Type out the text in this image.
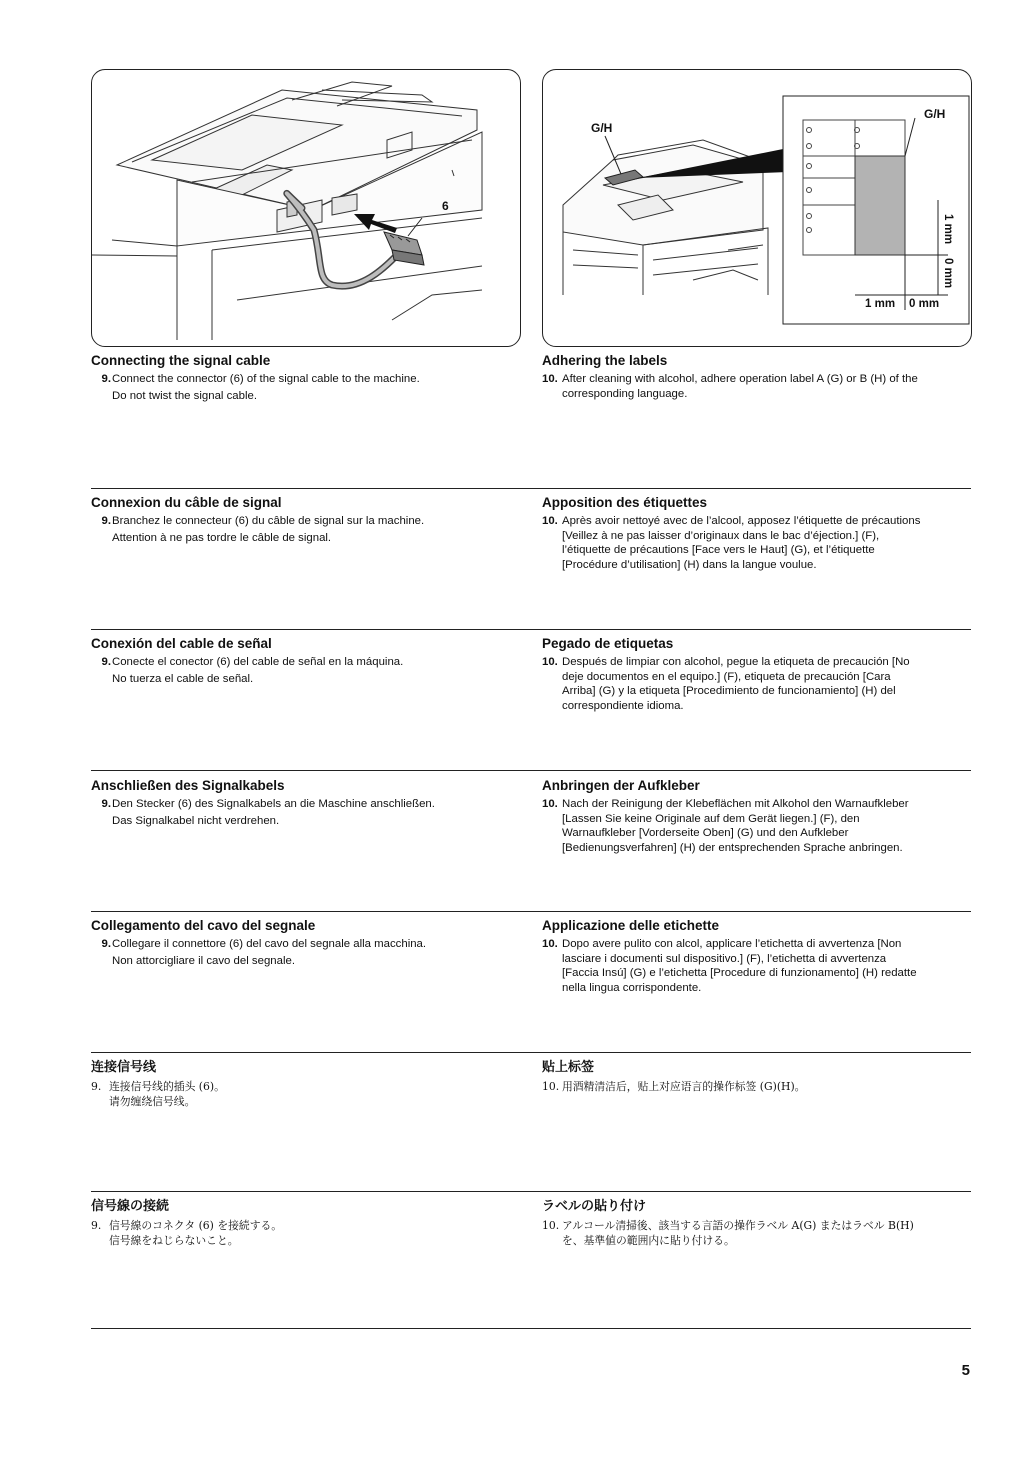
6
G/H
G/H
1 mm 0 mm
1 mm
0 mm
Connecting the signal cable
9. Connect the connector (6) of the signal cable to the machine.

Do not twist the signal cable.

Adhering the labels
10. After cleaning with alcohol, adhere operation label A (G) or B (H) of the

corresponding language.

Connexion du câble de signal
9. Branchez le connecteur (6) du câble de signal sur la machine.

Attention à ne pas tordre le câble de signal.

Apposition des étiquettes
10. Après avoir nettoyé avec de l’alcool, apposez l’étiquette de précautions

[Veillez à ne pas laisser d’originaux dans le bac d’éjection.] (F),

l’étiquette de précautions [Face vers le Haut] (G), et l’étiquette

[Procédure d’utilisation] (H) dans la langue voulue.

Conexión del cable de señal
9. Conecte el conector (6) del cable de señal en la máquina.

No tuerza el cable de señal.

Pegado de etiquetas
10. Después de limpiar con alcohol, pegue la etiqueta de precaución [No

deje documentos en el equipo.] (F), etiqueta de precaución [Cara

Arriba] (G) y la etiqueta [Procedimiento de funcionamiento] (H) del

correspondiente idioma.

Anschließen des Signalkabels
9. Den Stecker (6) des Signalkabels an die Maschine anschließen.

Das Signalkabel nicht verdrehen.

Anbringen der Aufkleber
10. Nach der Reinigung der Klebeflächen mit Alkohol den Warnaufkleber

[Lassen Sie keine Originale auf dem Gerät liegen.] (F), den

Warnaufkleber [Vorderseite Oben] (G) und den Aufkleber

[Bedienungsverfahren] (H) der entsprechenden Sprache anbringen.

Collegamento del cavo del segnale
9. Collegare il connettore (6) del cavo del segnale alla macchina.

Non attorcigliare il cavo del segnale.

Applicazione delle etichette
10. Dopo avere pulito con alcol, applicare l’etichetta di avvertenza [Non

lasciare i documenti sul dispositivo.] (F), l’etichetta di avvertenza

[Faccia Insú] (G) e l’etichetta [Procedure di funzionamento] (H) redatte

nella lingua corrispondente.

连接信号线
9. 连接信号线的插头 (6)。

请勿缠绕信号线。

贴上标签
10. 用酒精清洁后，贴上对应语言的操作标签 (G)(H)。

信号線の接続
9. 信号線のコネクタ (6) を接続する。

信号線をねじらないこと。

ラベルの貼り付け
10. アルコール清掃後、該当する言語の操作ラベル A(G) またはラベル B(H)

を、基準値の範囲内に貼り付ける。

5
